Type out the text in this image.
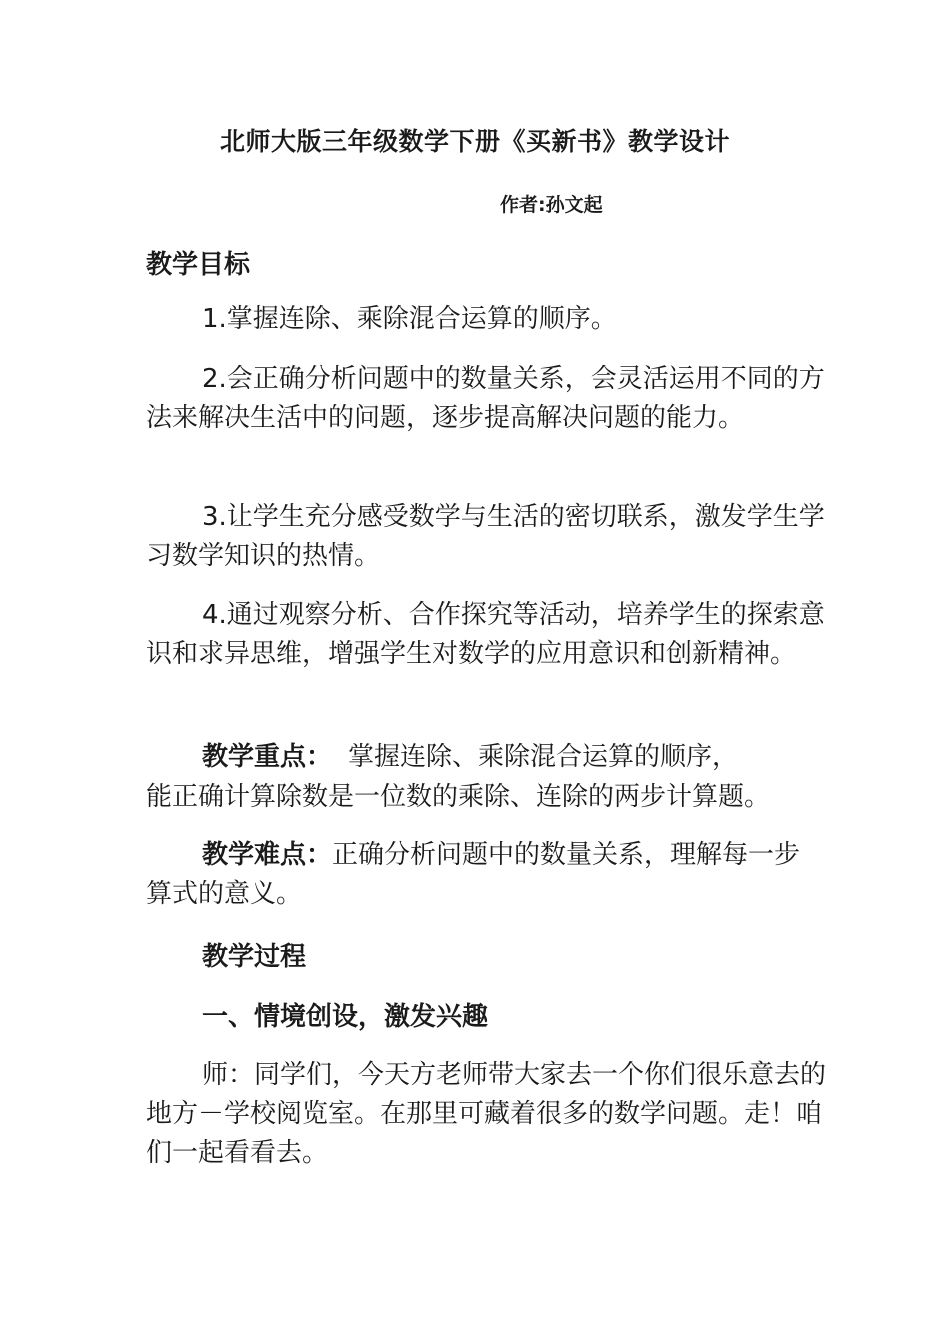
北师大版三年级数学下册《买新书》教学设计
作者:孙文起
教学目标
1.掌握连除、乘除混合运算的顺序。
2.会正确分析问题中的数量关系，会灵活运用不同的方法来解决生活中的问题，逐步提高解决问题的能力。
3.让学生充分感受数学与生活的密切联系，激发学生学习数学知识的热情。
4.通过观察分析、合作探究等活动，培养学生的探索意识和求异思维，增强学生对数学的应用意识和创新精神。
教学重点： 掌握连除、乘除混合运算的顺序，
能正确计算除数是一位数的乘除、连除的两步计算题。
教学难点：正确分析问题中的数量关系，理解每一步算式的意义。
教学过程
一、情境创设，激发兴趣
师：同学们，今天方老师带大家去一个你们很乐意去的地方－学校阅览室。在那里可藏着很多的数学问题。走！咱们一起看看去。
